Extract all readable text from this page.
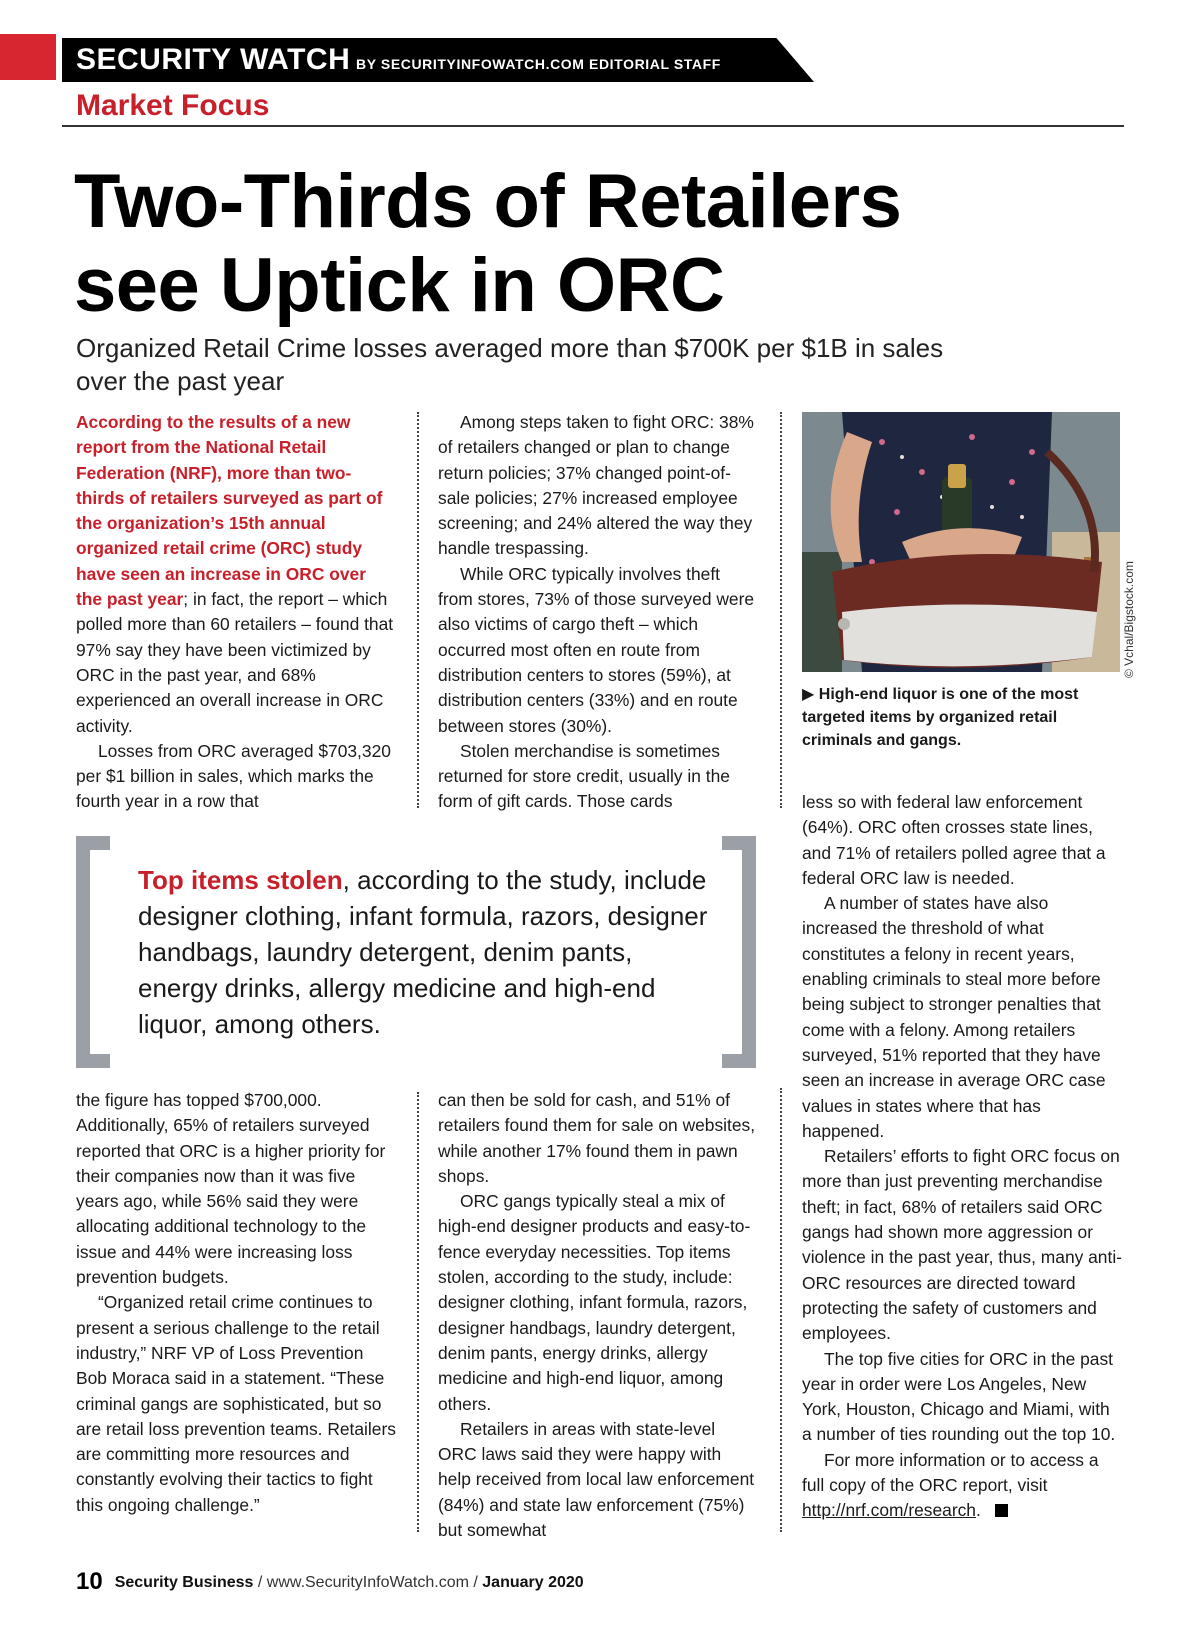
SECURITY WATCH BY SECURITYINFOWATCH.COM EDITORIAL STAFF
Market Focus
Two-Thirds of Retailers
see Uptick in ORC
Organized Retail Crime losses averaged more than $700K per $1B in sales over the past year

According to the results of a new report from the National Retail Federation (NRF), more than two-thirds of retailers surveyed as part of the organization’s 15th annual organized retail crime (ORC) study have seen an increase in ORC over the past year; in fact, the report – which polled more than 60 retailers – found that 97% say they have been victimized by ORC in the past year, and 68% experienced an overall increase in ORC activity.

Losses from ORC averaged $703,320 per $1 billion in sales, which marks the fourth year in a row that

Among steps taken to fight ORC: 38% of retailers changed or plan to change return policies; 37% changed point-of-sale policies; 27% increased employee screening; and 24% altered the way they handle trespassing.

While ORC typically involves theft from stores, 73% of those surveyed were also victims of cargo theft – which occurred most often en route from distribution centers to stores (59%), at distribution centers (33%) and en route between stores (30%).

Stolen merchandise is sometimes returned for store credit, usually in the form of gift cards. Those cards

© Vchal/Bigstock.com
▶ High-end liquor is one of the most targeted items by organized retail criminals and gangs.
Top items stolen, according to the study, include designer clothing, infant formula, razors, designer handbags, laundry detergent, denim pants, energy drinks, allergy medicine and high-end liquor, among others.

the figure has topped $700,000. Additionally, 65% of retailers surveyed reported that ORC is a higher priority for their companies now than it was five years ago, while 56% said they were allocating additional technology to the issue and 44% were increasing loss prevention budgets.

“Organized retail crime continues to present a serious challenge to the retail industry,” NRF VP of Loss Prevention Bob Moraca said in a statement. “These criminal gangs are sophisticated, but so are retail loss prevention teams. Retailers are committing more resources and constantly evolving their tactics to fight this ongoing challenge.”

can then be sold for cash, and 51% of retailers found them for sale on websites, while another 17% found them in pawn shops.

ORC gangs typically steal a mix of high-end designer products and easy-to-fence everyday necessities. Top items stolen, according to the study, include: designer clothing, infant formula, razors, designer handbags, laundry detergent, denim pants, energy drinks, allergy medicine and high-end liquor, among others.

Retailers in areas with state-level ORC laws said they were happy with help received from local law enforcement (84%) and state law enforcement (75%) but somewhat

less so with federal law enforcement (64%). ORC often crosses state lines, and 71% of retailers polled agree that a federal ORC law is needed.

A number of states have also increased the threshold of what constitutes a felony in recent years, enabling criminals to steal more before being subject to stronger penalties that come with a felony. Among retailers surveyed, 51% reported that they have seen an increase in average ORC case values in states where that has happened.

Retailers’ efforts to fight ORC focus on more than just preventing merchandise theft; in fact, 68% of retailers said ORC gangs had shown more aggression or violence in the past year, thus, many anti-ORC resources are directed toward protecting the safety of customers and employees.

The top five cities for ORC in the past year in order were Los Angeles, New York, Houston, Chicago and Miami, with a number of ties rounding out the top 10.

For more information or to access a full copy of the ORC report, visit http://nrf.com/research.

10 Security Business / www.SecurityInfoWatch.com / January 2020
